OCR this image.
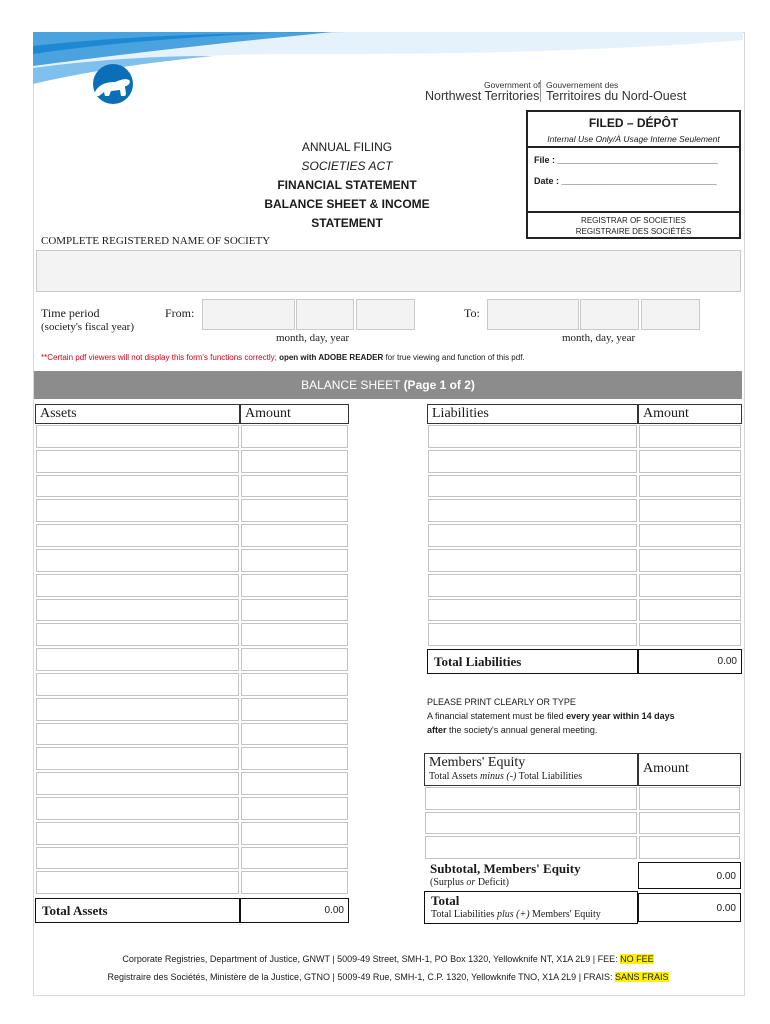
Government of
Northwest Territories
Gouvernement des
Territoires du Nord-Ouest
ANNUAL FILING
SOCIETIES ACT
FINANCIAL STATEMENT
BALANCE SHEET & INCOME STATEMENT
FILED – DÉPÔT
Internal Use Only/À Usage Interne Seulement
File : ________________________________
Date : _______________________________
REGISTRAR OF SOCIETIES
REGISTRAIRE DES SOCIÉTÉS
COMPLETE REGISTERED NAME OF SOCIETY
Time period
(society's fiscal year)
From:
month, day, year
To:
month, day, year
**Certain pdf viewers will not display this form's functions correctly; open with ADOBE READER for true viewing and function of this pdf.
BALANCE SHEET (Page 1 of 2)
Assets	Amount
Total Assets	0.00
Liabilities	Amount
Total Liabilities	0.00
PLEASE PRINT CLEARLY OR TYPE
A financial statement must be filed every year within 14 days
after the society's annual general meeting.
Members' Equity
Total Assets minus (-) Total Liabilities
Amount
Subtotal, Members' Equity
(Surplus or Deficit)
0.00
Total
Total Liabilities plus (+) Members' Equity
0.00
Corporate Registries, Department of Justice, GNWT | 5009-49 Street, SMH-1, PO Box 1320, Yellowknife NT, X1A 2L9 | FEE: NO FEE
Registraire des Sociétés, Ministère de la Justice, GTNO | 5009-49 Rue, SMH-1, C.P. 1320, Yellowknife TNO, X1A 2L9 | FRAIS: SANS FRAIS
